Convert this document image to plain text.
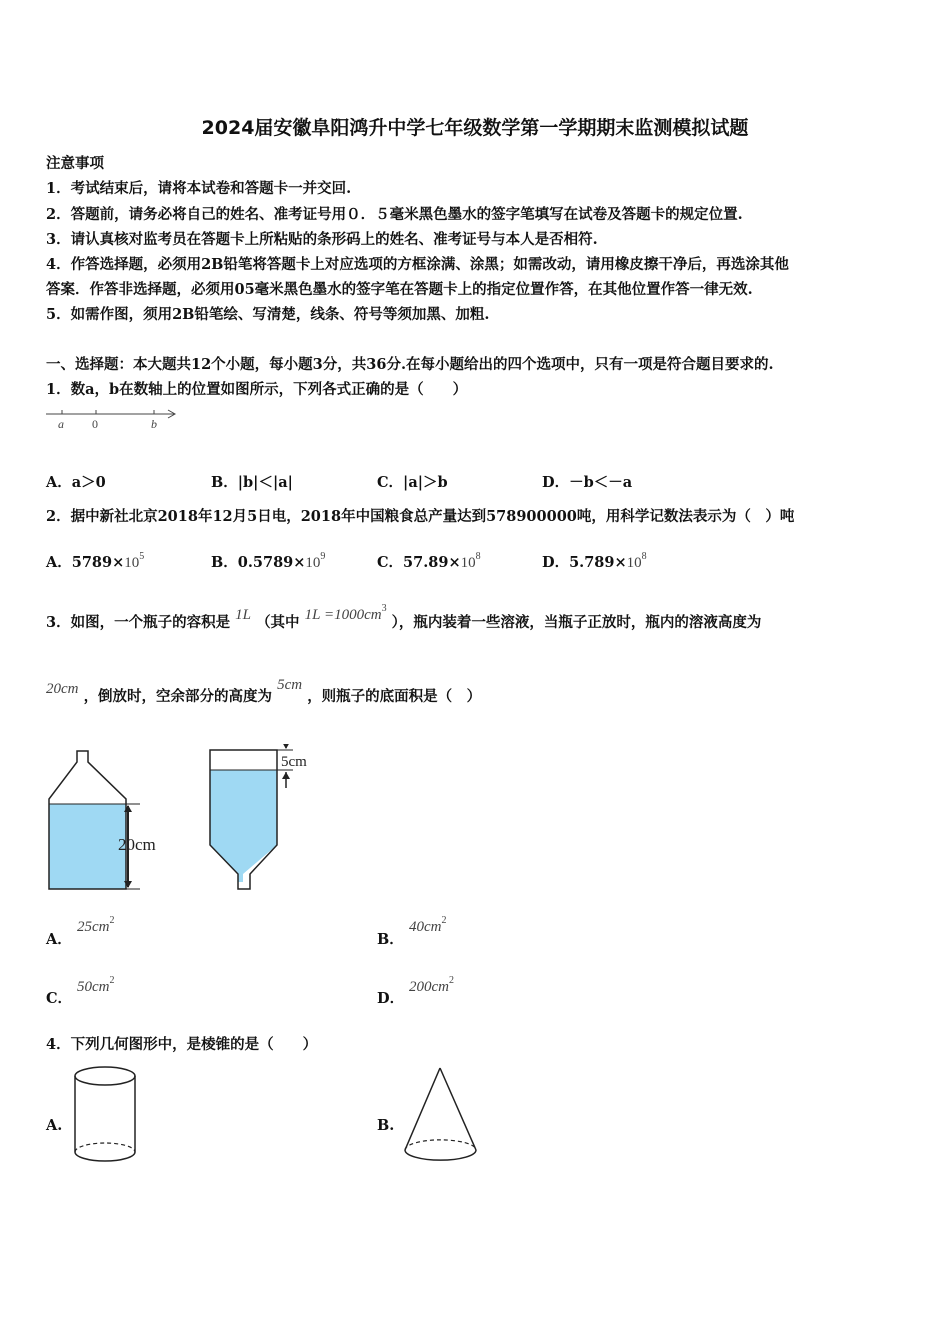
2024届安徽阜阳鸿升中学七年级数学第一学期期末监测模拟试题
注意事项
1．考试结束后，请将本试卷和答题卡一并交回.
2．答题前，请务必将自己的姓名、准考证号用０．５毫米黑色墨水的签字笔填写在试卷及答题卡的规定位置.
3．请认真核对监考员在答题卡上所粘贴的条形码上的姓名、准考证号与本人是否相符.
4．作答选择题，必须用2B铅笔将答题卡上对应选项的方框涂满、涂黑；如需改动，请用橡皮擦干净后，再选涂其他
答案．作答非选择题，必须用05毫米黑色墨水的签字笔在答题卡上的指定位置作答，在其他位置作答一律无效.
5．如需作图，须用2B铅笔绘、写清楚，线条、符号等须加黑、加粗.
一、选择题：本大题共12个小题，每小题3分，共36分.在每小题给出的四个选项中，只有一项是符合题目要求的.
1．数a，b在数轴上的位置如图所示，下列各式正确的是（　　）
a 0	b
A．a＞0	B．|b|＜|a|	C．|a|＞b	D．－b＜－a
2．据中新社北京2018年12月5日电，2018年中国粮食总产量达到578900000吨，用科学记数法表示为（　）吨
A．$5789\times 10^5$	B．$0.5789\times 10^9$	C．$57.89\times 10^8$	D．$5.789\times 10^8$
3．如图，一个瓶子的容积是 1L （其中 $1L =1000cm^3$ ），瓶内装着一些溶液，当瓶子正放时，瓶内的溶液高度为
20cm ，倒放时，空余部分的高度为 5cm ，则瓶子的底面积是（　）
20cm
5cm
A．
$25cm^2$
B．
$40cm^2$
C．
$50cm^2$
D．
$200cm^2$
4．下列几何图形中，是棱锥的是（　　）
A.	B.
